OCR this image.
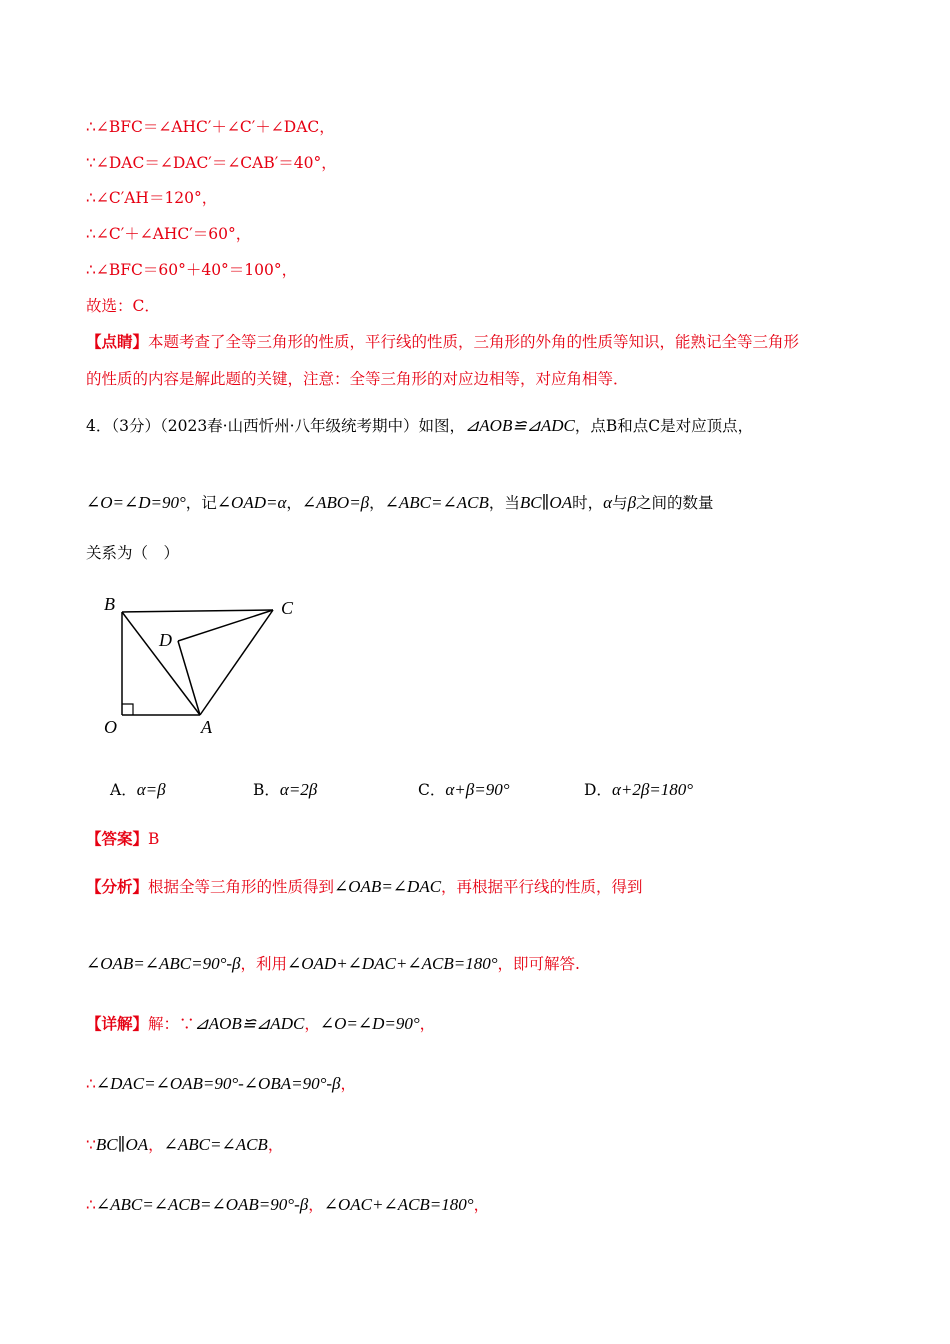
∴∠BFC＝∠AHC′＋∠C′＋∠DAC，
∵∠DAC＝∠DAC′＝∠CAB′＝40°，
∴∠C′AH＝120°，
∴∠C′＋∠AHC′＝60°，
∴∠BFC＝60°＋40°＝100°，
故选：C．
【点睛】本题考查了全等三角形的性质，平行线的性质，三角形的外角的性质等知识，能熟记全等三角形
的性质的内容是解此题的关键，注意：全等三角形的对应边相等，对应角相等．
4．（3分）（2023春·山西忻州·八年级统考期中）如图，⊿AOB≌⊿ADC，点B和点C是对应顶点，
∠O=∠D=90°，记∠OAD=α，∠ABO=β，∠ABC=∠ACB，当BC∥OA时，α与β之间的数量
关系为（　）
B	C
D
O	A
A．α=β	B．α=2β	C．α+β=90°	D．α+2β=180°
【答案】B
【分析】根据全等三角形的性质得到∠OAB=∠DAC，再根据平行线的性质，得到
∠OAB=∠ABC=90°-β，利用∠OAD+∠DAC+∠ACB=180°，即可解答.
【详解】解：∵⊿AOB≌⊿ADC，∠O=∠D=90°，
∴∠DAC=∠OAB=90°-∠OBA=90°-β，
∵BC∥OA，∠ABC=∠ACB，
∴∠ABC=∠ACB=∠OAB=90°-β，∠OAC+∠ACB=180°，
